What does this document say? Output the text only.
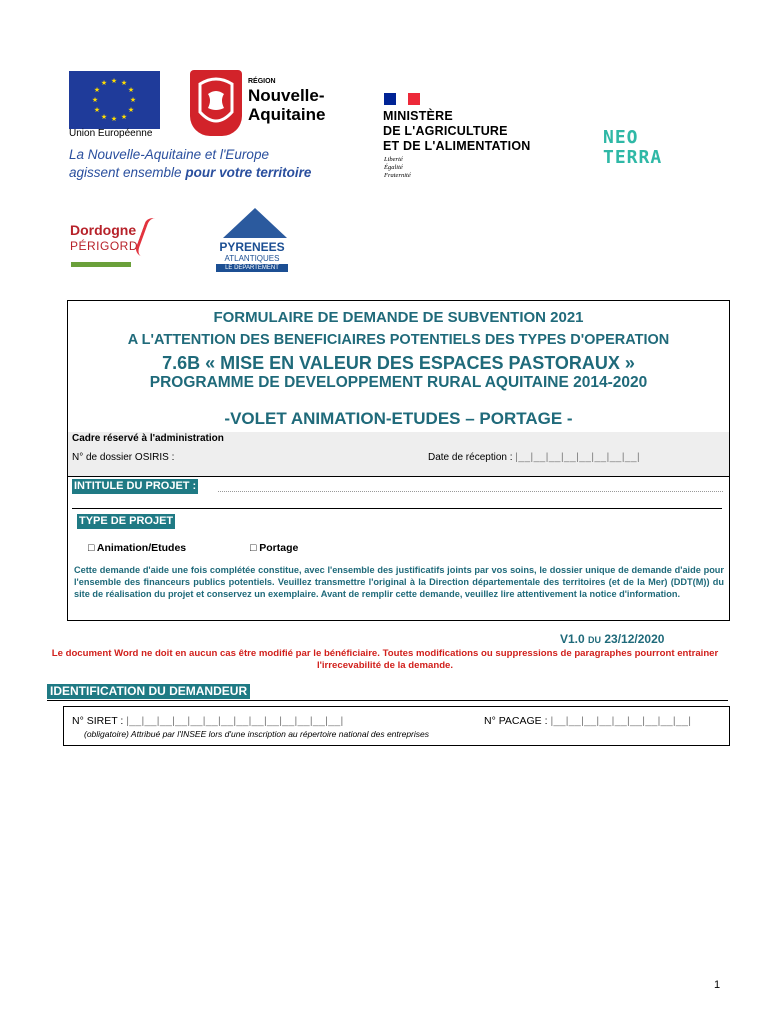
★ ★
★
★
★
★
★
★
★
★
★
★
Union Européenne
RÉGION
Nouvelle-
Aquitaine
La Nouvelle-Aquitaine et l'Europe
agissent ensemble pour votre territoire
MINISTÈRE
DE L'AGRICULTURE
ET DE L'ALIMENTATION
Liberté
Égalité
Fraternité
NEO
TERRA
Dordogne
PÉRIGORD	PYRENEES
ATLANTIQUES
LE DÉPARTEMENT
FORMULAIRE DE DEMANDE DE SUBVENTION 2021
A L'ATTENTION DES BENEFICIAIRES POTENTIELS DES TYPES D'OPERATION
7.6B « MISE EN VALEUR DES ESPACES PASTORAUX »
PROGRAMME DE DEVELOPPEMENT RURAL AQUITAINE 2014-2020
-VOLET ANIMATION-ETUDES – PORTAGE -
Cadre réservé à l'administration
N° de dossier OSIRIS :	Date de réception : |__|__|__|__|__|__|__|__|
INTITULE DU PROJET :
TYPE DE PROJET
□ Animation/Etudes	□ Portage
Cette demande d'aide une fois complétée constitue, avec l'ensemble des justificatifs joints par vos soins, le dossier unique de demande d'aide pour l'ensemble des financeurs publics potentiels. Veuillez transmettre l'original à la Direction départementale des territoires (et de la Mer) (DDT(M)) du site de réalisation du projet et conservez un exemplaire. Avant de remplir cette demande, veuillez lire attentivement la notice d'information.
V1.0 DU 23/12/2020
Le document Word ne doit en aucun cas être modifié par le bénéficiaire. Toutes modifications ou suppressions de paragraphes pourront entrainer l'irrecevabilité de la demande.
IDENTIFICATION DU DEMANDEUR
N° SIRET : |__|__|__|__|__|__|__|__|__|__|__|__|__|__|	N° PACAGE : |__|__|__|__|__|__|__|__|__|
(obligatoire) Attribué par l'INSEE lors d'une inscription au répertoire national des entreprises
1
